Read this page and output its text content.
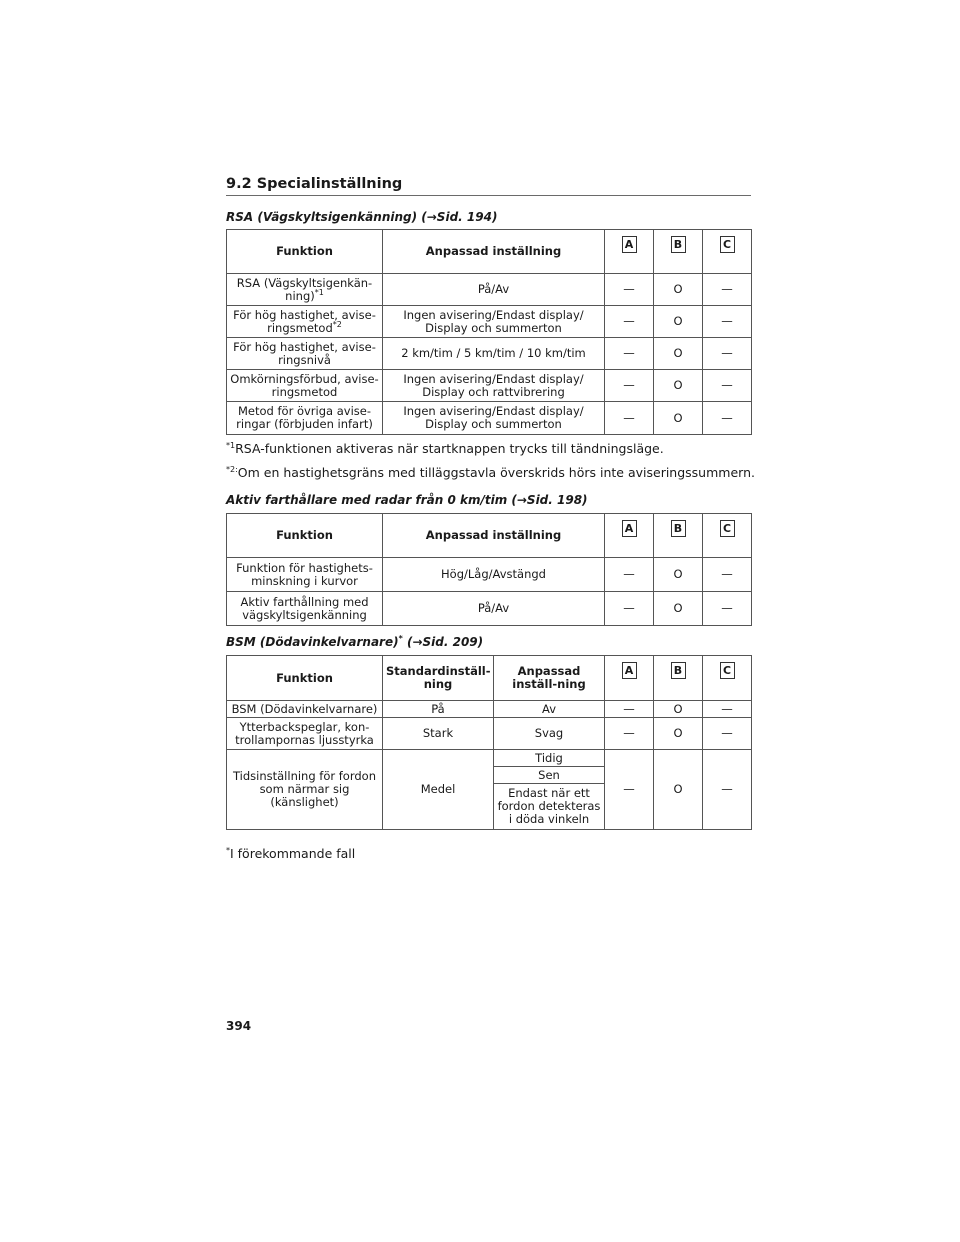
9.2 Specialinställning

RSA (Vägskyltsigenkänning) (→Sid. 194)

Funktion	Anpassad inställning	A	B	C
RSA (Vägskyltsigenkän-ning)$^{*1}$	På/Av	—	O	—
För hög hastighet, avise-ringsmetod$^{*2}$	Ingen avisering/Endast display/ Display och summerton	—	O	—
För hög hastighet, avise-ringsnivå	2 km/tim / 5 km/tim / 10 km/tim	—	O	—
Omkörningsförbud, avise-ringsmetod	Ingen avisering/Endast display/ Display och rattvibrering	—	O	—
Metod för övriga avise-ringar (förbjuden infart)	Ingen avisering/Endast display/ Display och summerton	—	O	—

$^{*1}$RSA-funktionen aktiveras när startknappen trycks till tändningsläge.

$^{*2:}$Om en hastighetsgräns med tilläggstavla överskrids hörs inte aviseringssummern.

Aktiv farthållare med radar från 0 km/tim (→Sid. 198)

Funktion	Anpassad inställning	A	B	C
Funktion för hastighets-minskning i kurvor	Hög/Låg/Avstängd	—	O	—
Aktiv farthållning med vägskyltsigenkänning	På/Av	—	O	—

BSM (Dödavinkelvarnare)* (→Sid. 209)

Funktion	Standardinställ-ning	Anpassad inställ-ning	A	B	C
BSM (Dödavinkelvarnare)	På	Av	—	O	—
Ytterbackspeglar, kon-trollampornas ljusstyrka	Stark	Svag	—	O	—
Tidsinställning för fordon som närmar sig (känslighet)	Medel	Tidig	—	O	—
		Sen			
		Endast när ett fordon detekteras i döda vinkeln			

*I förekommande fall

394
